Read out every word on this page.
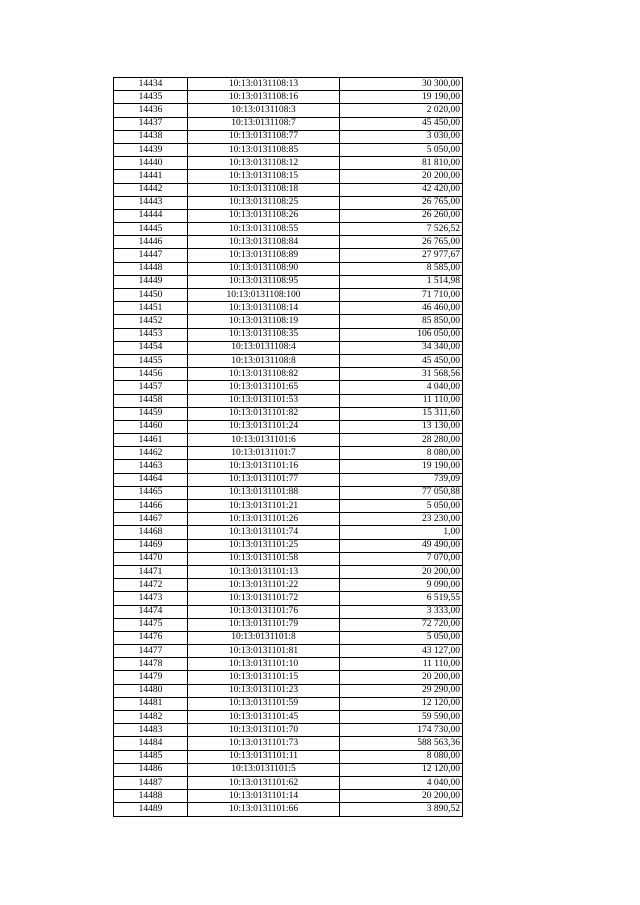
14434	10:13:0131108:13	30 300,00
14435	10:13:0131108:16	19 190,00
14436	10:13:0131108:3	2 020,00
14437	10:13:0131108:7	45 450,00
14438	10:13:0131108:77	3 030,00
14439	10:13:0131108:85	5 050,00
14440	10:13:0131108:12	81 810,00
14441	10:13:0131108:15	20 200,00
14442	10:13:0131108:18	42 420,00
14443	10:13:0131108:25	26 765,00
14444	10:13:0131108:26	26 260,00
14445	10:13:0131108:55	7 526,52
14446	10:13:0131108:84	26 765,00
14447	10:13:0131108:89	27 977,67
14448	10:13:0131108:90	8 585,00
14449	10:13:0131108:95	1 514,98
14450	10:13:0131108:100	71 710,00
14451	10:13:0131108:14	46 460,00
14452	10:13:0131108:19	85 850,00
14453	10:13:0131108:35	106 050,00
14454	10:13:0131108:4	34 340,00
14455	10:13:0131108:8	45 450,00
14456	10:13:0131108:82	31 568,56
14457	10:13:0131101:65	4 040,00
14458	10:13:0131101:53	11 110,00
14459	10:13:0131101:82	15 311,60
14460	10:13:0131101:24	13 130,00
14461	10:13:0131101:6	28 280,00
14462	10:13:0131101:7	8 080,00
14463	10:13:0131101:16	19 190,00
14464	10:13:0131101:77	739,09
14465	10:13:0131101:88	77 050,88
14466	10:13:0131101:21	5 050,00
14467	10:13:0131101:26	23 230,00
14468	10:13:0131101:74	1,00
14469	10:13:0131101:25	49 490,00
14470	10:13:0131101:58	7 070,00
14471	10:13:0131101:13	20 200,00
14472	10:13:0131101:22	9 090,00
14473	10:13:0131101:72	6 519,55
14474	10:13:0131101:76	3 333,00
14475	10:13:0131101:79	72 720,00
14476	10:13:0131101:8	5 050,00
14477	10:13:0131101:81	43 127,00
14478	10:13:0131101:10	11 110,00
14479	10:13:0131101:15	20 200,00
14480	10:13:0131101:23	29 290,00
14481	10:13:0131101:59	12 120,00
14482	10:13:0131101:45	59 590,00
14483	10:13:0131101:70	174 730,00
14484	10:13:0131101:73	588 563,36
14485	10:13:0131101:11	8 080,00
14486	10:13:0131101:5	12 120,00
14487	10:13:0131101:62	4 040,00
14488	10:13:0131101:14	20 200,00
14489	10:13:0131101:66	3 890,52
